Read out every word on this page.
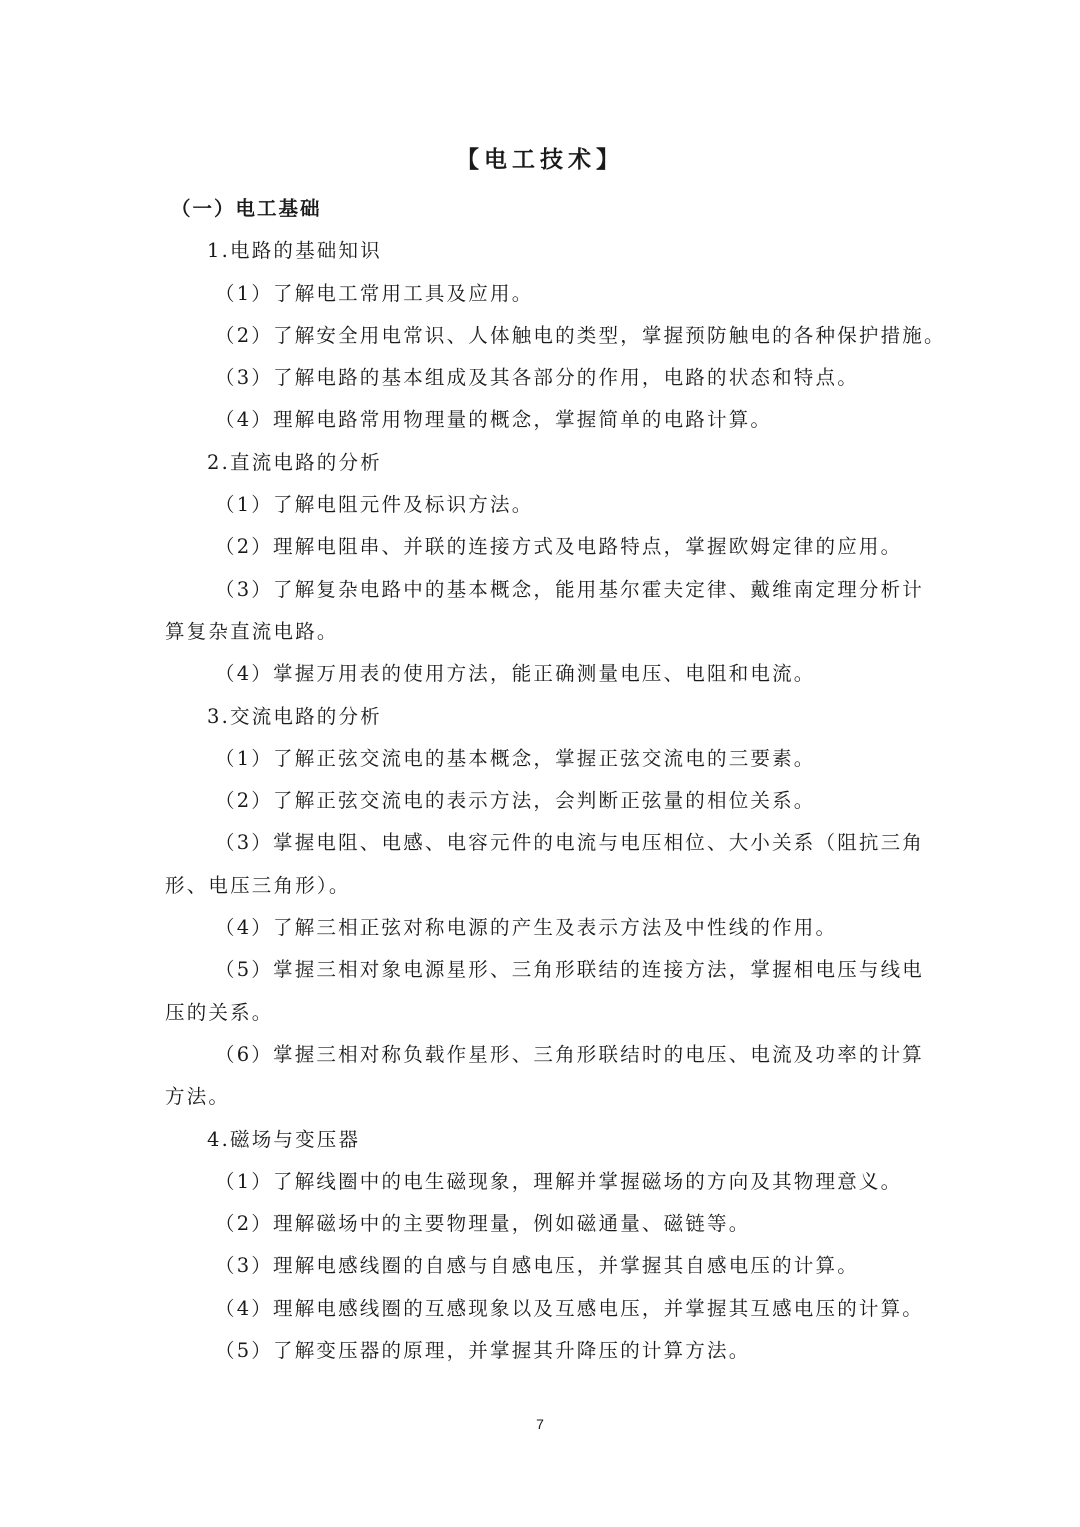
【电工技术】
（一）电工基础
1.电路的基础知识
（1）了解电工常用工具及应用。
（2）了解安全用电常识、人体触电的类型，掌握预防触电的各种保护措施。
（3）了解电路的基本组成及其各部分的作用，电路的状态和特点。
（4）理解电路常用物理量的概念，掌握简单的电路计算。
2.直流电路的分析
（1）了解电阻元件及标识方法。
（2）理解电阻串、并联的连接方式及电路特点，掌握欧姆定律的应用。
（3）了解复杂电路中的基本概念，能用基尔霍夫定律、戴维南定理分析计
算复杂直流电路。
（4）掌握万用表的使用方法，能正确测量电压、电阻和电流。
3.交流电路的分析
（1）了解正弦交流电的基本概念，掌握正弦交流电的三要素。
（2）了解正弦交流电的表示方法，会判断正弦量的相位关系。
（3）掌握电阻、电感、电容元件的电流与电压相位、大小关系（阻抗三角
形、电压三角形）。
（4）了解三相正弦对称电源的产生及表示方法及中性线的作用。
（5）掌握三相对象电源星形、三角形联结的连接方法，掌握相电压与线电
压的关系。
（6）掌握三相对称负载作星形、三角形联结时的电压、电流及功率的计算
方法。
4.磁场与变压器
（1）了解线圈中的电生磁现象，理解并掌握磁场的方向及其物理意义。
（2）理解磁场中的主要物理量，例如磁通量、磁链等。
（3）理解电感线圈的自感与自感电压，并掌握其自感电压的计算。
（4）理解电感线圈的互感现象以及互感电压，并掌握其互感电压的计算。
（5）了解变压器的原理，并掌握其升降压的计算方法。
7
